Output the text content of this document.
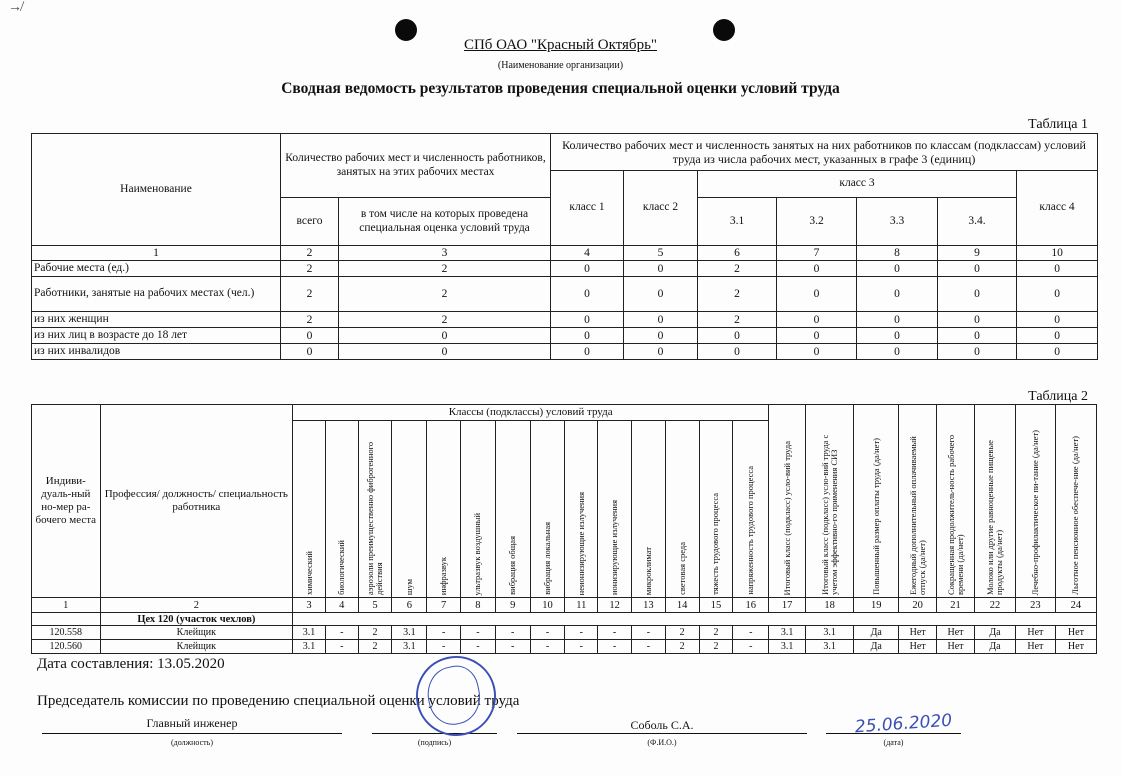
↛
СПб ОАО "Красный Октябрь"
(Наименование организации)
Сводная ведомость результатов проведения специальной оценки условий труда
Таблица 1
Наименование	Количество рабочих мест и численность работников, занятых на этих рабочих местах		Количество рабочих мест и численность занятых на них работников по классам (подклассам) условий труда из числа рабочих мест, указанных в графе 3 (единиц)						
			класс 1	класс 2	класс 3				класс 4
	всего	в том числе на которых проведена специальная оценка условий труда			3.1	3.2	3.3	3.4.	
1	2	3	4	5	6	7	8	9	10
Рабочие места (ед.)	2	2	0	0	2	0	0	0	0
Работники, занятые на рабочих местах (чел.)	2	2	0	0	2	0	0	0	0
из них женщин	2	2	0	0	2	0	0	0	0
из них лиц в возрасте до 18 лет	0	0	0	0	0	0	0	0	0
из них инвалидов	0	0	0	0	0	0	0	0	0
Таблица 2
Индиви-дуаль-ный но-мер ра-бочего места	Профессия/ должность/ специальность работника	Классы (подклассы) условий труда														Итоговый класс (подкласс) усло-вий труда	Итоговый класс (подкласс) усло-вий труда с учетом эффективно-го применения СИЗ	Повышенный размер оплаты труда (да/нет)	Ежегодный дополнительный оплачиваемый отпуск (да/нет)	Сокращенная продолжитель-ность рабочего времени (да/нет)	Молоко или другие равноценные пищевые продукты (да/нет)	Лечебно-профилактическое пи-тание (да/нет)	Льготное пенсионное обеспече-ние (да/нет)

		химический	биологический	аэрозоли преимущественно фиброгенного действия	шум	инфразвук	ультразвук воздушный	вибрация общая	вибрация локальная	неионизирующие излучения	ионизирующие излучения	микроклимат	световая среда	тяжесть трудового процесса	напряженность трудового процесса								

1	2	3	4	5	6	7	8	9	10	11	12	13	14	15	16	17	18	19	20	21	22	23	24
	Цех 120 (участок чехлов)																						
120.558	Клейщик	3.1	-	2	3.1	-	-	-	-	-	-	-	2	2	-	3.1	3.1	Да	Нет	Нет	Да	Нет	Нет
120.560	Клейщик	3.1	-	2	3.1	-	-	-	-	-	-	-	2	2	-	3.1	3.1	Да	Нет	Нет	Да	Нет	Нет
Дата составления: 13.05.2020
Председатель комиссии по проведению специальной оценки условий труда
Главный инженер
(должность)	(подпись)
Соболь С.А.
(Ф.И.О.)
25.06.2020
(дата)
